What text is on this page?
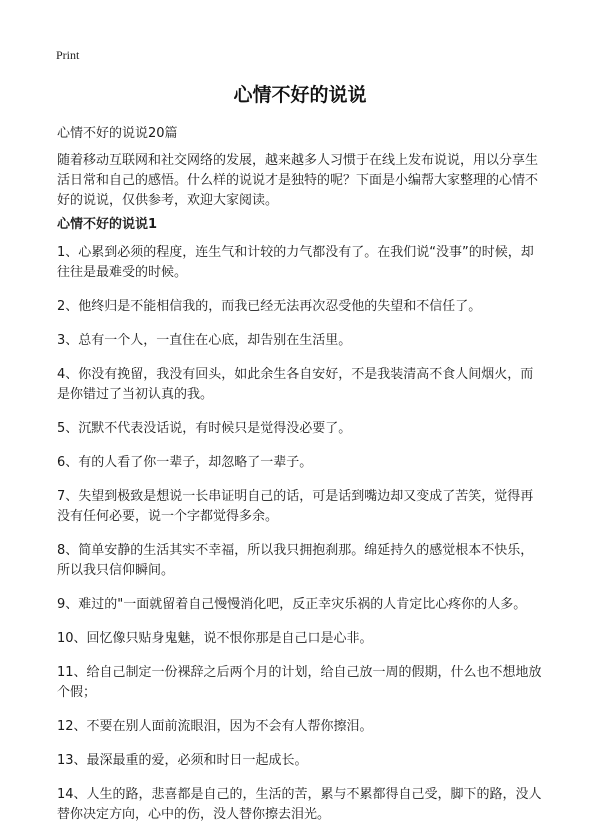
Print
心情不好的说说
心情不好的说说20篇
随着移动互联网和社交网络的发展，越来越多人习惯于在线上发布说说，用以分享生活日常和自己的感悟。什么样的说说才是独特的呢？下面是小编帮大家整理的心情不好的说说，仅供参考，欢迎大家阅读。
心情不好的说说1

1、心累到必须的程度，连生气和计较的力气都没有了。在我们说“没事”的时候，却往往是最难受的时候。

2、他终归是不能相信我的，而我已经无法再次忍受他的失望和不信任了。

3、总有一个人，一直住在心底，却告别在生活里。

4、你没有挽留，我没有回头，如此余生各自安好，不是我装清高不食人间烟火，而是你错过了当初认真的我。

5、沉默不代表没话说，有时候只是觉得没必要了。

6、有的人看了你一辈子，却忽略了一辈子。

7、失望到极致是想说一长串证明自己的话，可是话到嘴边却又变成了苦笑，觉得再没有任何必要，说一个字都觉得多余。

8、简单安静的生活其实不幸福，所以我只拥抱刹那。绵延持久的感觉根本不快乐，所以我只信仰瞬间。

9、难过的"一面就留着自己慢慢消化吧，反正幸灾乐祸的人肯定比心疼你的人多。

10、回忆像只贴身鬼魅，说不恨你那是自己口是心非。

11、给自己制定一份裸辞之后两个月的计划，给自己放一周的假期，什么也不想地放个假；

12、不要在别人面前流眼泪，因为不会有人帮你擦泪。

13、最深最重的爱，必须和时日一起成长。

14、人生的路，悲喜都是自己的，生活的苦，累与不累都得自己受，脚下的路，没人替你决定方向，心中的伤，没人替你擦去泪光。
